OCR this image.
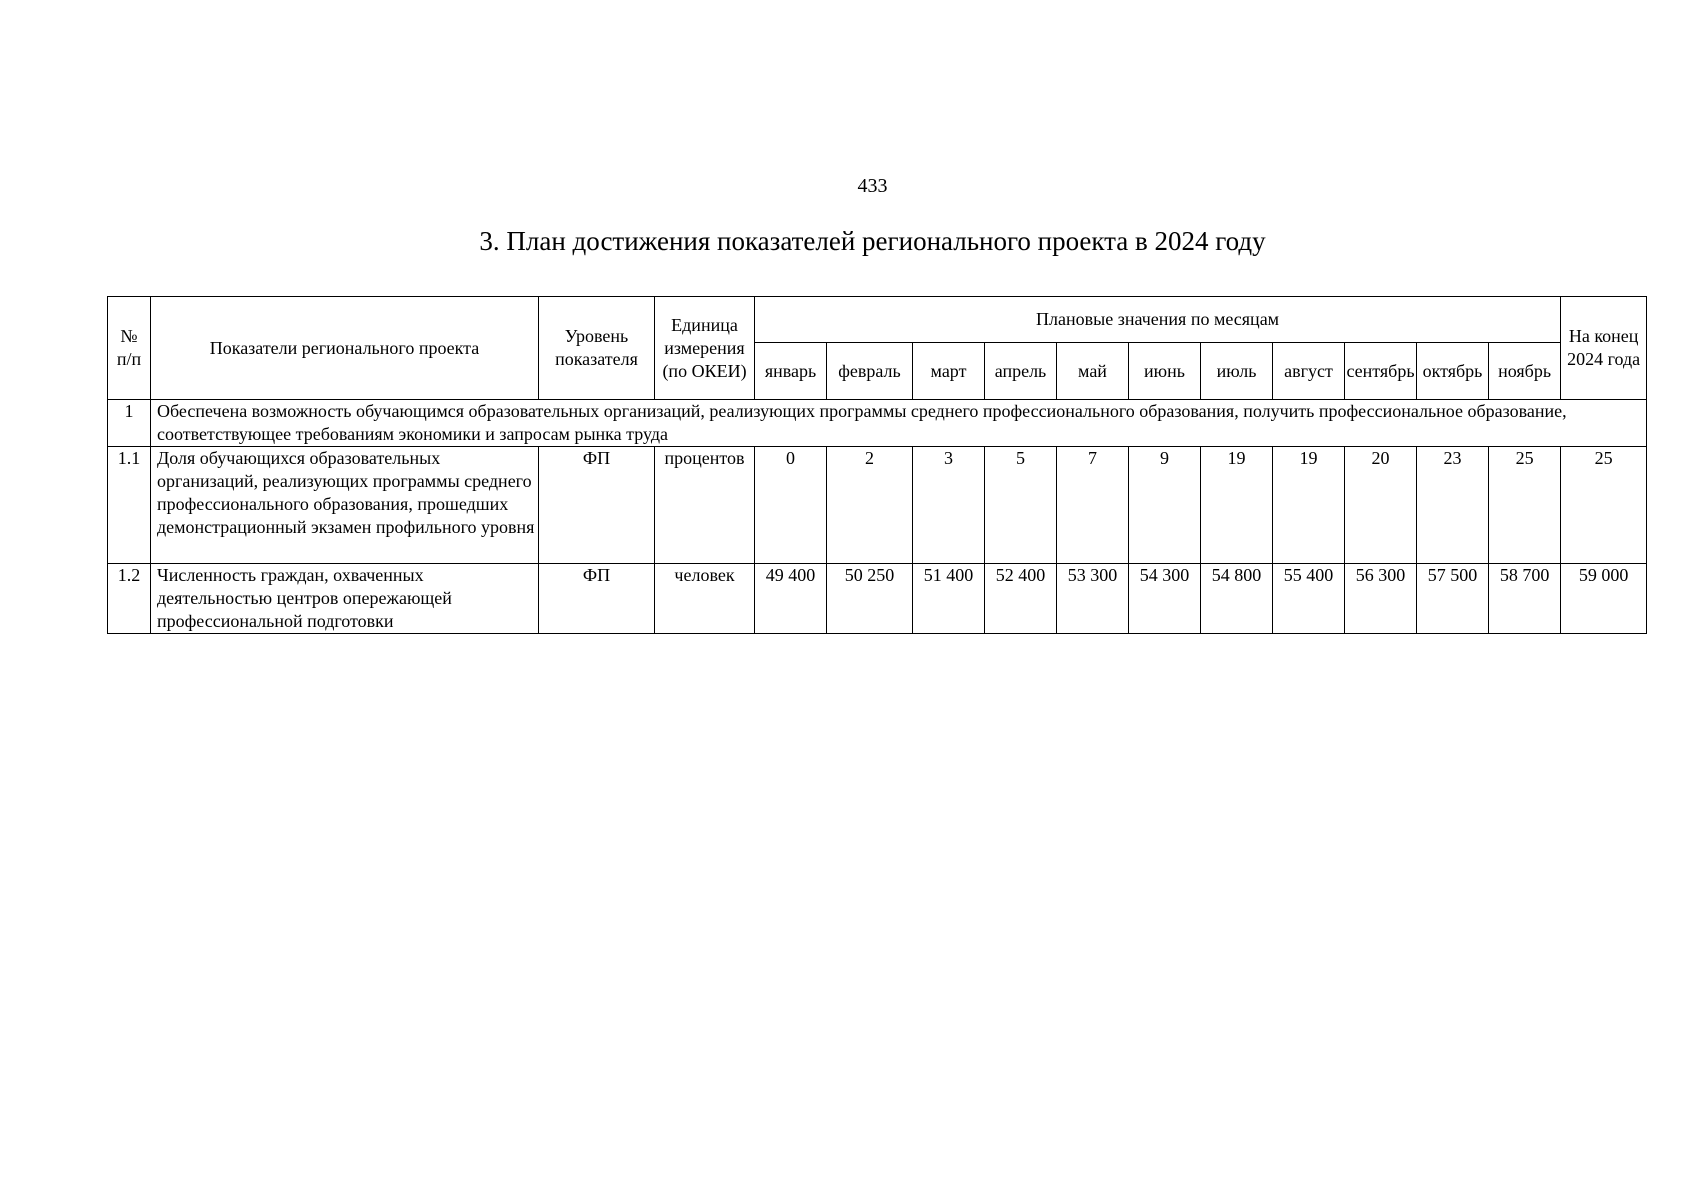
433
3. План достижения показателей регионального проекта в 2024 году
№ п/п	Показатели регионального проекта	Уровень показателя	Единица измерения (по ОКЕИ)	Плановые значения по месяцам											На конец 2024 года
				январь	февраль	март	апрель	май	июнь	июль	август	сентябрь	октябрь	ноябрь	
1	Обеспечена возможность обучающимся образовательных организаций, реализующих программы среднего профессионального образования, получить профессиональное образование, соответствующее требованиям экономики и запросам рынка труда														
1.1	Доля обучающихся образовательных организаций, реализующих программы среднего профессионального образования, прошедших демонстрационный экзамен профильного уровня	ФП	процентов	0	2	3	5	7	9	19	19	20	23	25	25
1.2	Численность граждан, охваченных деятельностью центров опережающей профессиональной подготовки	ФП	человек	49 400	50 250	51 400	52 400	53 300	54 300	54 800	55 400	56 300	57 500	58 700	59 000
